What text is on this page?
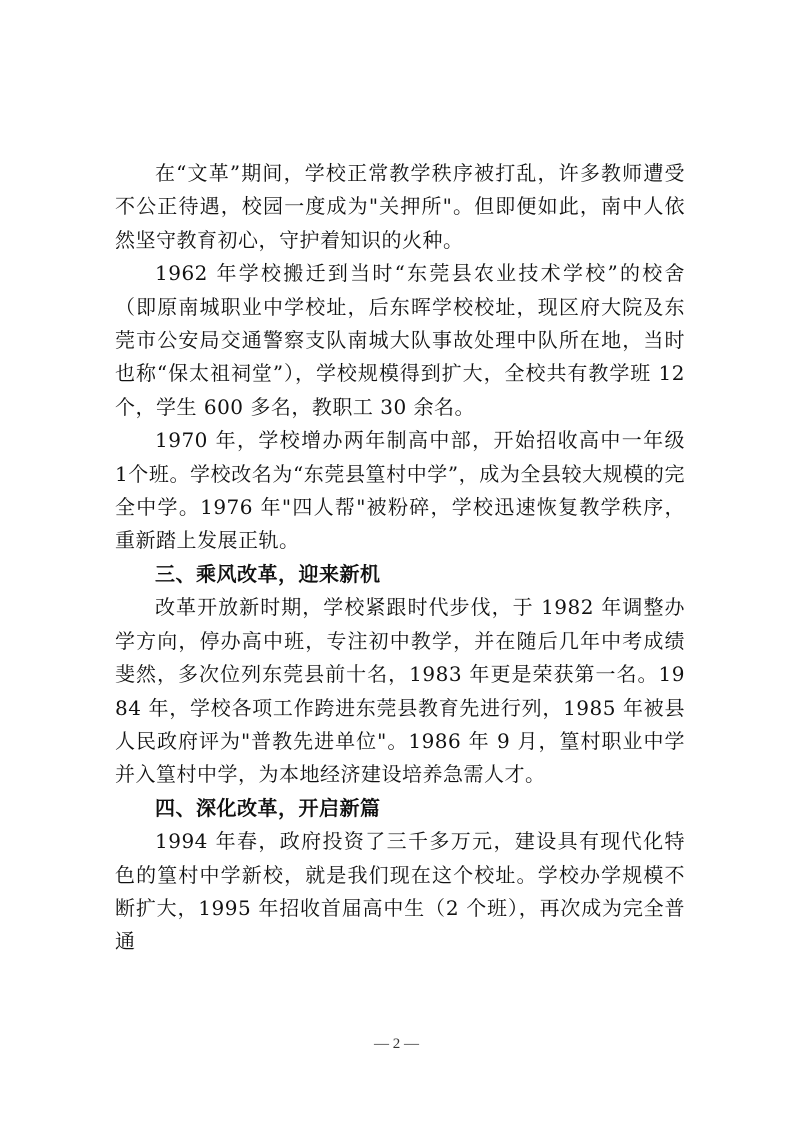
在“文革”期间，学校正常教学秩序被打乱，许多教师遭受不公正待遇，校园一度成为"关押所"。但即便如此，南中人依然坚守教育初心，守护着知识的火种。

1962 年学校搬迁到当时“东莞县农业技术学校”的校舍（即原南城职业中学校址，后东晖学校校址，现区府大院及东莞市公安局交通警察支队南城大队事故处理中队所在地，当时也称“保太祖祠堂”），学校规模得到扩大，全校共有教学班 12 个，学生 600 多名，教职工 30 余名。

1970 年，学校增办两年制高中部，开始招收高中一年级 1个班。学校改名为“东莞县篁村中学”，成为全县较大规模的完全中学。1976 年"四人帮"被粉碎，学校迅速恢复教学秩序，重新踏上发展正轨。

三、乘风改革，迎来新机

改革开放新时期，学校紧跟时代步伐，于 1982 年调整办学方向，停办高中班，专注初中教学，并在随后几年中考成绩斐然，多次位列东莞县前十名，1983 年更是荣获第一名。1984 年，学校各项工作跨进东莞县教育先进行列，1985 年被县人民政府评为"普教先进单位"。1986 年 9 月，篁村职业中学并入篁村中学，为本地经济建设培养急需人才。

四、深化改革，开启新篇

1994 年春，政府投资了三千多万元，建设具有现代化特色的篁村中学新校，就是我们现在这个校址。学校办学规模不断扩大，1995 年招收首届高中生（2 个班），再次成为完全普通

— 2 —
